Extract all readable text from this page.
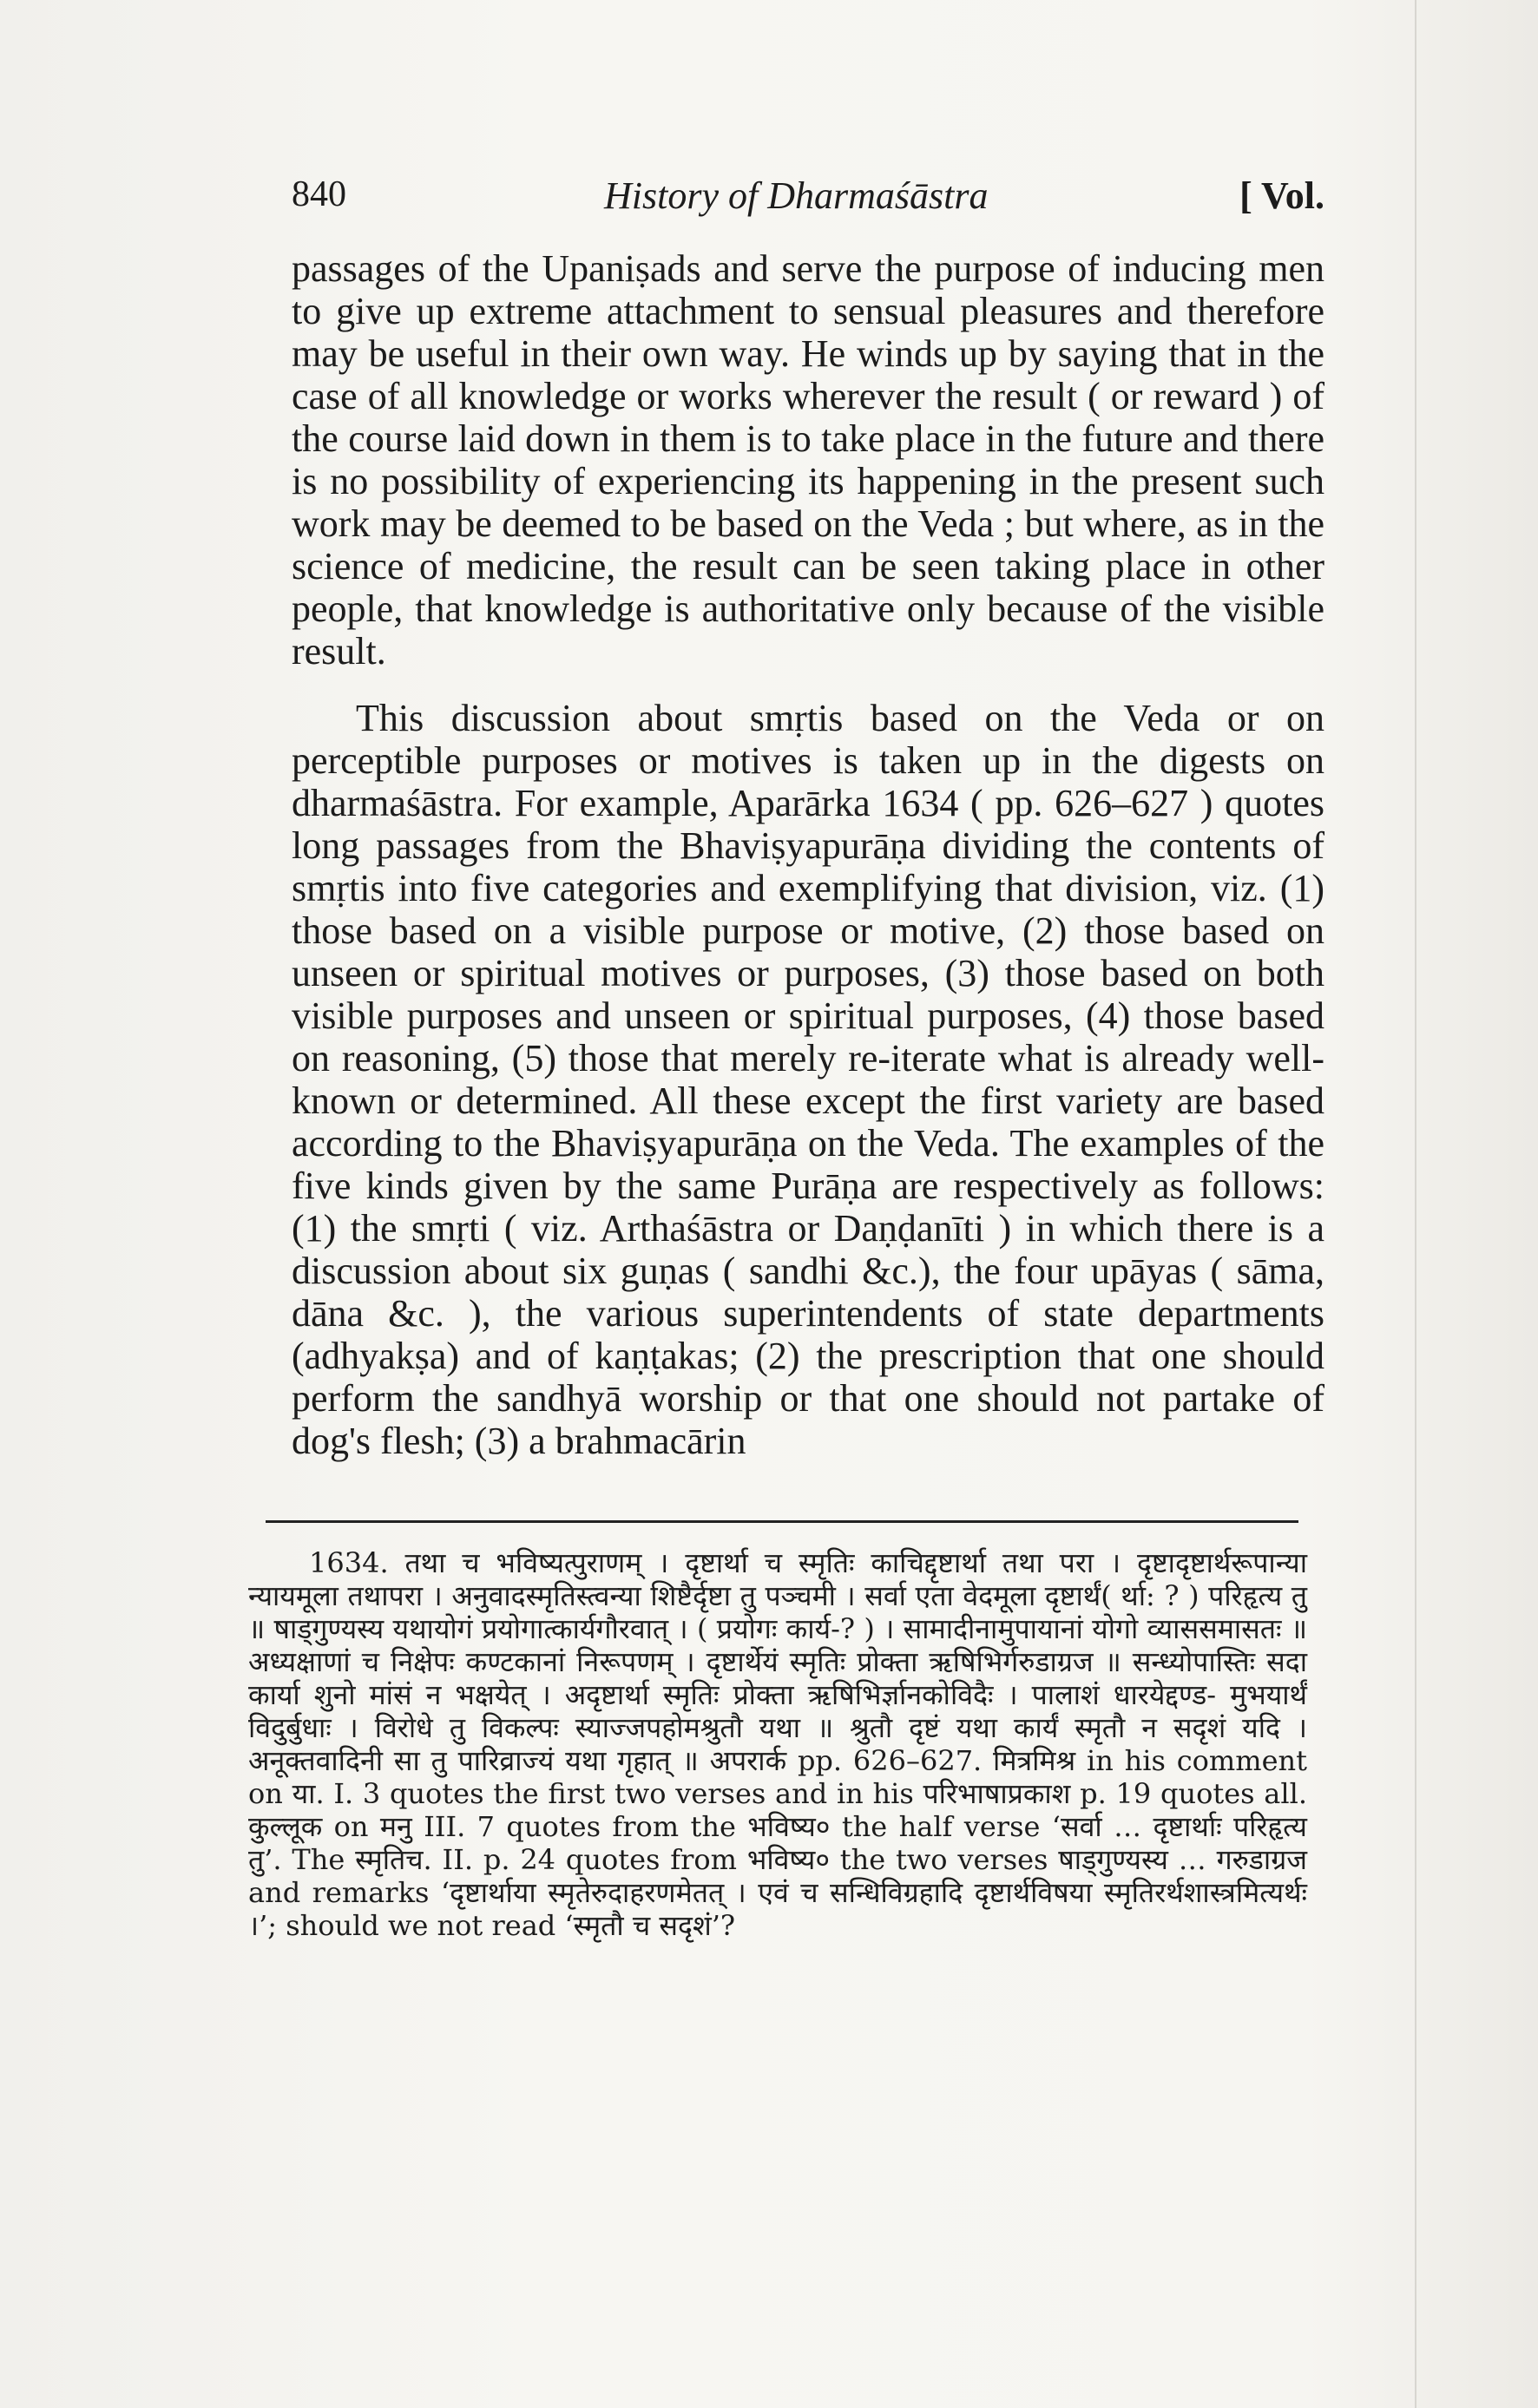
840	History of Dharmaśāstra	[ Vol.

passages of the Upaniṣads and serve the purpose of inducing men to give up extreme attachment to sensual pleasures and therefore may be useful in their own way. He winds up by saying that in the case of all knowledge or works wherever the result ( or reward ) of the course laid down in them is to take place in the future and there is no possibility of experiencing its happening in the present such work may be deemed to be based on the Veda ; but where, as in the science of medicine, the result can be seen taking place in other people, that knowledge is authoritative only because of the visible result.

This discussion about smṛtis based on the Veda or on perceptible purposes or motives is taken up in the digests on dharmaśāstra. For example, Aparārka 1634 ( pp. 626–627 ) quotes long passages from the Bhaviṣyapurāṇa dividing the contents of smṛtis into five categories and exemplifying that division, viz. (1) those based on a visible purpose or motive, (2) those based on unseen or spiritual motives or purposes, (3) those based on both visible purposes and unseen or spiritual purposes, (4) those based on reasoning, (5) those that merely re-iterate what is already well-known or determined. All these except the first variety are based according to the Bhaviṣyapurāṇa on the Veda. The examples of the five kinds given by the same Purāṇa are respectively as follows: (1) the smṛti ( viz. Arthaśāstra or Daṇḍanīti ) in which there is a discussion about six guṇas ( sandhi &c.), the four upāyas ( sāma, dāna &c. ), the various superintendents of state departments (adhyakṣa) and of kaṇṭakas; (2) the prescription that one should perform the sandhyā worship or that one should not partake of dog's flesh; (3) a brahmacārin

1634. तथा च भविष्यत्पुराणम् । दृष्टार्था च स्मृतिः काचिद्दृष्टार्था तथा परा । दृष्टादृष्टार्थरूपान्या न्यायमूला तथापरा । अनुवादस्मृतिस्त्वन्या शिष्टैर्दृष्टा तु पञ्चमी । सर्वा एता वेदमूला दृष्टार्थं( र्था: ? ) परिहृत्य तु ॥ षाड्गुण्यस्य यथायोगं प्रयोगात्कार्यगौरवात् । ( प्रयोगः कार्य-? ) । सामादीनामुपायानां योगो व्याससमासतः ॥ अध्यक्षाणां च निक्षेपः कण्टकानां निरूपणम् । दृष्टार्थेयं स्मृतिः प्रोक्ता ऋषिभिर्गरुडाग्रज ॥ सन्ध्योपास्तिः सदा कार्या शुनो मांसं न भक्षयेत् । अदृष्टार्था स्मृतिः प्रोक्ता ऋषिभिर्ज्ञानकोविदैः । पालाशं धारयेद्दण्ड- मुभयार्थं विदुर्बुधाः । विरोधे तु विकल्पः स्याज्जपहोमश्रुतौ यथा ॥ श्रुतौ दृष्टं यथा कार्यं स्मृतौ न सदृशं यदि । अनूक्तवादिनी सा तु पारिव्राज्यं यथा गृहात् ॥ अपरार्क pp. 626–627. मित्रमिश्र in his comment on या. I. 3 quotes the first two verses and in his परिभाषाप्रकाश p. 19 quotes all. कुल्लूक on मनु III. 7 quotes from the भविष्य० the half verse ‘सर्वा … दृष्टार्थाः परिहृत्य तु’. The स्मृतिच. II. p. 24 quotes from भविष्य० the two verses षाड्गुण्यस्य … गरुडाग्रज and remarks ‘दृष्टार्थाया स्मृतेरुदाहरणमेतत् । एवं च सन्धिविग्रहादि दृष्टार्थविषया स्मृतिरर्थशास्त्रमित्यर्थः ।’; should we not read ‘स्मृतौ च सदृशं’?
